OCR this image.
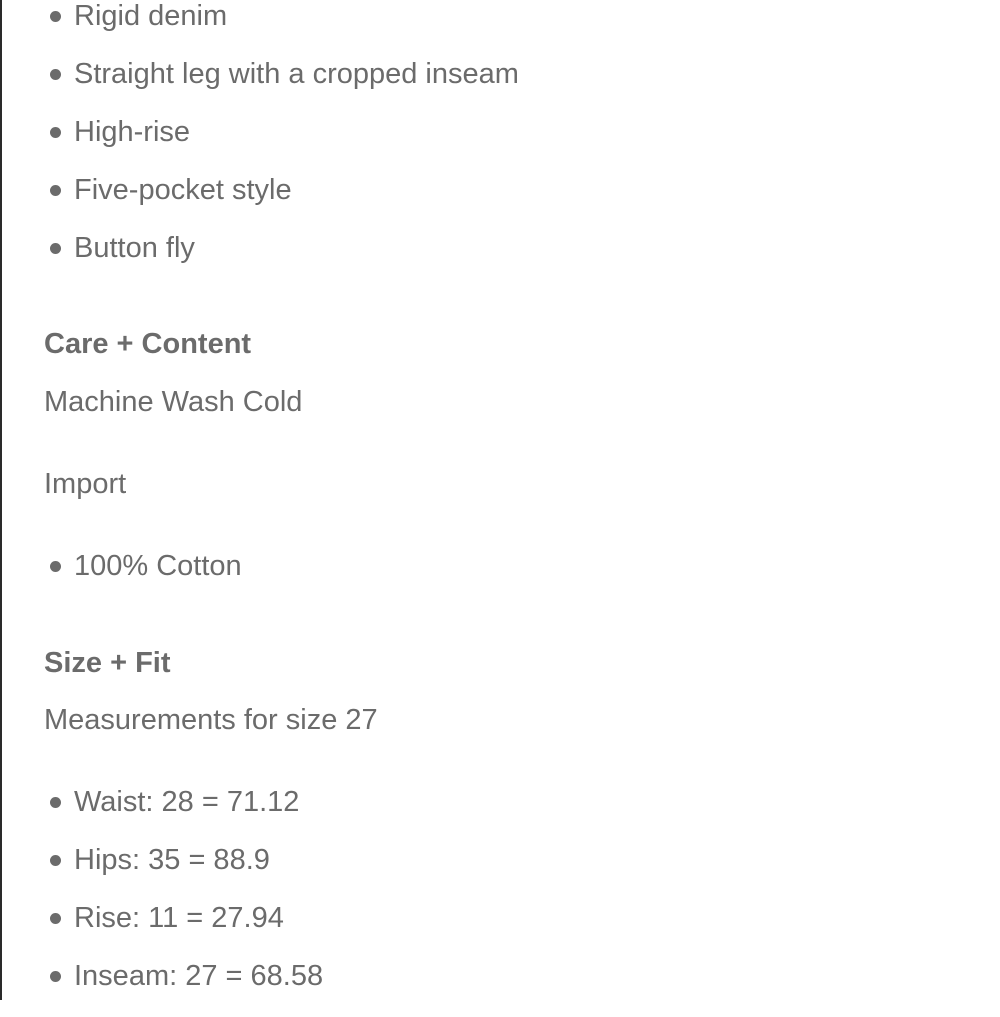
Rigid denim
Straight leg with a cropped inseam
High-rise
Five-pocket style
Button fly
Care + Content

Machine Wash Cold

Import

100% Cotton
Size + Fit

Measurements for size 27

Waist: 28 = 71.12
Hips: 35 = 88.9
Rise: 11 = 27.94
Inseam: 27 = 68.58
